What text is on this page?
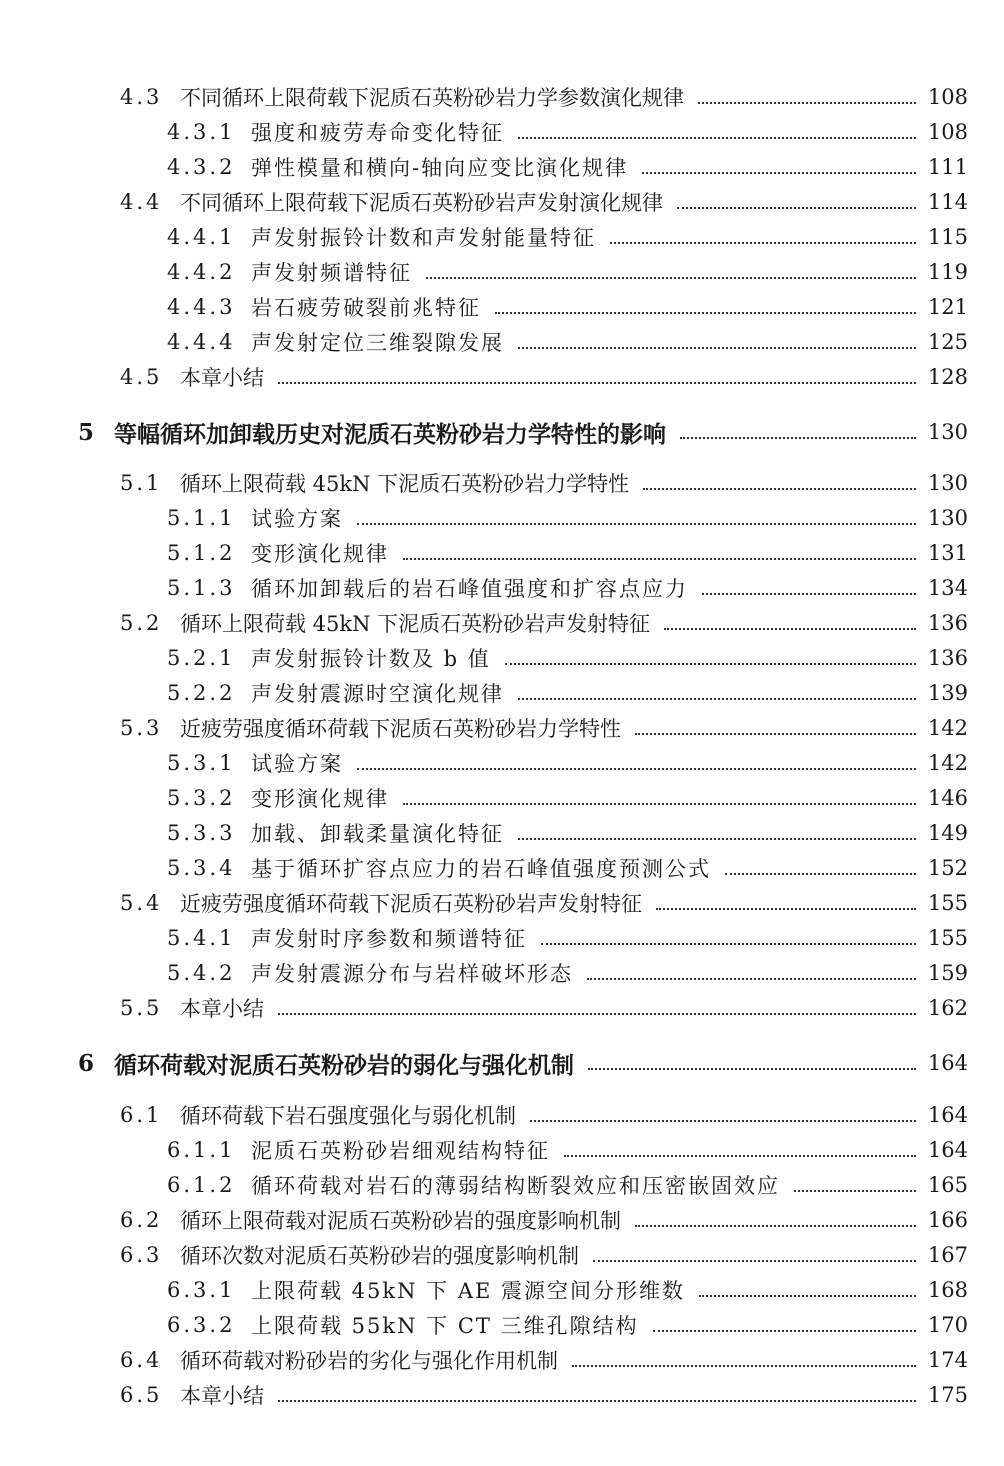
4.3 不同循环上限荷载下泥质石英粉砂岩力学参数演化规律	108
4.3.1 强度和疲劳寿命变化特征	108
4.3.2 弹性模量和横向-轴向应变比演化规律	111
4.4 不同循环上限荷载下泥质石英粉砂岩声发射演化规律	114
4.4.1 声发射振铃计数和声发射能量特征	115
4.4.2 声发射频谱特征	119
4.4.3 岩石疲劳破裂前兆特征	121
4.4.4 声发射定位三维裂隙发展	125
4.5 本章小结	128
5 等幅循环加卸载历史对泥质石英粉砂岩力学特性的影响	130
5.1 循环上限荷载 45kN 下泥质石英粉砂岩力学特性	130
5.1.1 试验方案	130
5.1.2 变形演化规律	131
5.1.3 循环加卸载后的岩石峰值强度和扩容点应力	134
5.2 循环上限荷载 45kN 下泥质石英粉砂岩声发射特征	136
5.2.1 声发射振铃计数及 b 值	136
5.2.2 声发射震源时空演化规律	139
5.3 近疲劳强度循环荷载下泥质石英粉砂岩力学特性	142
5.3.1 试验方案	142
5.3.2 变形演化规律	146
5.3.3 加载、卸载柔量演化特征	149
5.3.4 基于循环扩容点应力的岩石峰值强度预测公式	152
5.4 近疲劳强度循环荷载下泥质石英粉砂岩声发射特征	155
5.4.1 声发射时序参数和频谱特征	155
5.4.2 声发射震源分布与岩样破坏形态	159
5.5 本章小结	162
6 循环荷载对泥质石英粉砂岩的弱化与强化机制	164
6.1 循环荷载下岩石强度强化与弱化机制	164
6.1.1 泥质石英粉砂岩细观结构特征	164
6.1.2 循环荷载对岩石的薄弱结构断裂效应和压密嵌固效应	165
6.2 循环上限荷载对泥质石英粉砂岩的强度影响机制	166
6.3 循环次数对泥质石英粉砂岩的强度影响机制	167
6.3.1 上限荷载 45kN 下 AE 震源空间分形维数	168
6.3.2 上限荷载 55kN 下 CT 三维孔隙结构	170
6.4 循环荷载对粉砂岩的劣化与强化作用机制	174
6.5 本章小结	175
